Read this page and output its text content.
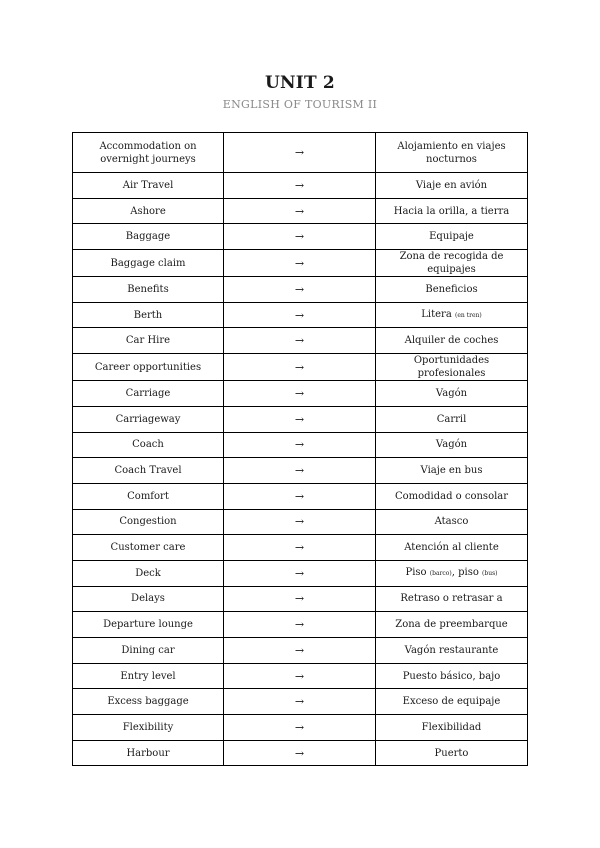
UNIT 2
ENGLISH OF TOURISM II
Accommodation on overnight journeys	→	Alojamiento en viajes nocturnos
Air Travel	→	Viaje en avión
Ashore	→	Hacia la orilla, a tierra
Baggage	→	Equipaje
Baggage claim	→	Zona de recogida de equipajes
Benefits	→	Beneficios
Berth	→	Litera (en tren)
Car Hire	→	Alquiler de coches
Career opportunities	→	Oportunidades profesionales
Carriage	→	Vagón
Carriageway	→	Carril
Coach	→	Vagón
Coach Travel	→	Viaje en bus
Comfort	→	Comodidad o consolar
Congestion	→	Atasco
Customer care	→	Atención al cliente
Deck	→	Piso (barco), piso (bus)
Delays	→	Retraso o retrasar a
Departure lounge	→	Zona de preembarque
Dining car	→	Vagón restaurante
Entry level	→	Puesto básico, bajo
Excess baggage	→	Exceso de equipaje
Flexibility	→	Flexibilidad
Harbour	→	Puerto
